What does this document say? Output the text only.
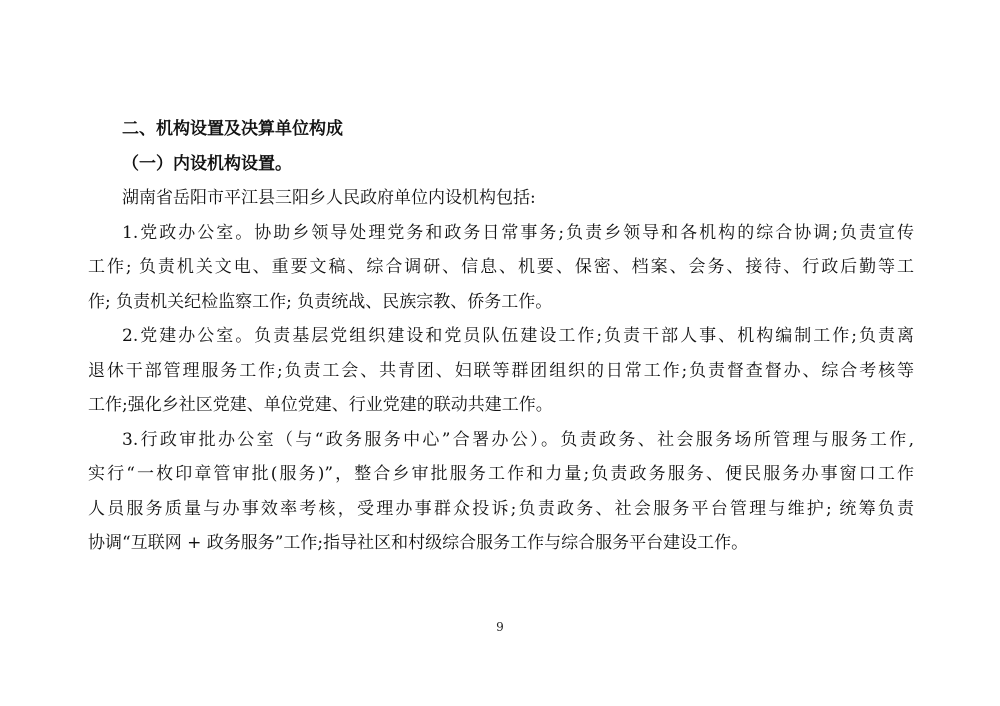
二、机构设置及决算单位构成
（一）内设机构设置。
湖南省岳阳市平江县三阳乡人民政府单位内设机构包括:
1.党政办公室。协助乡领导处理党务和政务日常事务;负责乡领导和各机构的综合协调;负责宣传
工作; 负责机关文电、重要文稿、综合调研、信息、机要、保密、档案、会务、接待、行政后勤等工
作; 负责机关纪检监察工作; 负责统战、民族宗教、侨务工作。
2.党建办公室。负责基层党组织建设和党员队伍建设工作;负责干部人事、机构编制工作;负责离
退休干部管理服务工作;负责工会、共青团、妇联等群团组织的日常工作;负责督查督办、综合考核等
工作;强化乡社区党建、单位党建、行业党建的联动共建工作。
3.行政审批办公室（与“政务服务中心”合署办公）。负责政务、社会服务场所管理与服务工作,
实行“一枚印章管审批(服务)”，整合乡审批服务工作和力量;负责政务服务、便民服务办事窗口工作
人员服务质量与办事效率考核，受理办事群众投诉;负责政务、社会服务平台管理与维护; 统筹负责
协调“互联网 + 政务服务”工作;指导社区和村级综合服务工作与综合服务平台建设工作。
9
